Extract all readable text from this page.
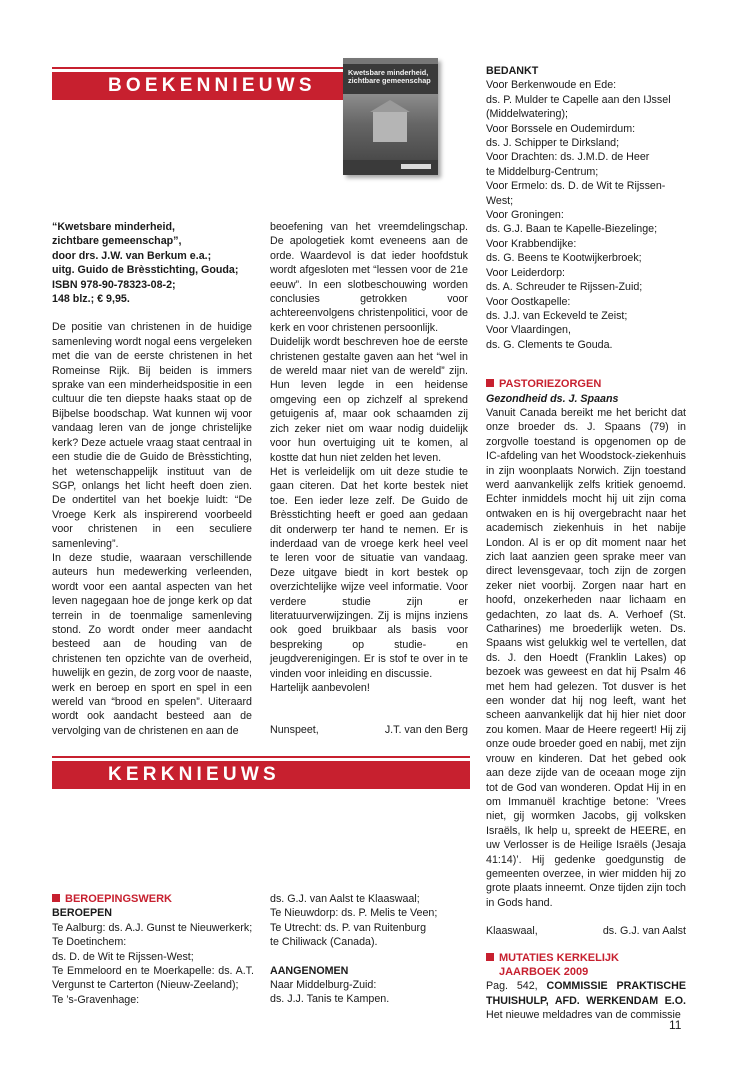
BOEKENNIEUWS
Kwetsbare minderheid,
zichtbare gemeenschap
“Kwetsbare minderheid,
zichtbare gemeenschap”,
door drs. J.W. van Berkum e.a.;
uitg. Guido de Brèsstichting, Gouda;
ISBN 978-90-78323-08-2;
148 blz.; € 9,95.

De positie van christenen in de huidige samenleving wordt nogal eens vergeleken met die van de eerste christenen in het Romeinse Rijk. Bij beiden is immers sprake van een minderheidspositie in een cultuur die ten diepste haaks staat op de Bijbelse boodschap. Wat kunnen wij voor vandaag leren van de jonge christelijke kerk? Deze actuele vraag staat centraal in een studie die de Guido de Brèsstichting, het wetenschappelijk instituut van de SGP, onlangs het licht heeft doen zien. De ondertitel van het boekje luidt: “De Vroege Kerk als inspirerend voorbeeld voor christenen in een seculiere samenleving”.

In deze studie, waaraan verschillende auteurs hun medewerking verleenden, wordt voor een aantal aspecten van het leven nagegaan hoe de jonge kerk op dat terrein in de toenmalige samenleving stond. Zo wordt onder meer aandacht besteed aan de houding van de christenen ten opzichte van de overheid, huwelijk en gezin, de zorg voor de naaste, werk en beroep en sport en spel in een wereld van “brood en spelen”. Uiteraard wordt ook aandacht besteed aan de vervolging van de christenen en aan de

beoefening van het vreemdelingschap. De apologetiek komt eveneens aan de orde. Waardevol is dat ieder hoofdstuk wordt afgesloten met “lessen voor de 21e eeuw”. In een slotbeschouwing worden conclusies getrokken voor achtereenvolgens christenpolitici, voor de kerk en voor christenen persoonlijk.

Duidelijk wordt beschreven hoe de eerste christenen gestalte gaven aan het “wel in de wereld maar niet van de wereld” zijn. Hun leven legde in een heidense omgeving een op zichzelf al sprekend getuigenis af, maar ook schaamden zij zich zeker niet om waar nodig duidelijk voor hun overtuiging uit te komen, al kostte dat hun niet zelden het leven.

Het is verleidelijk om uit deze studie te gaan citeren. Dat het korte bestek niet toe. Een ieder leze zelf. De Guido de Brèsstichting heeft er goed aan gedaan dit onderwerp ter hand te nemen. Er is inderdaad van de vroege kerk heel veel te leren voor de situatie van vandaag. Deze uitgave biedt in kort bestek op overzichtelijke wijze veel informatie. Voor verdere studie zijn er literatuurverwijzingen. Zij is mijns inziens ook goed bruikbaar als basis voor bespreking op studie- en jeugdverenigingen. Er is stof te over in te vinden voor inleiding en discussie.

Hartelijk aanbevolen!

Nunspeet,	J.T. van den Berg
KERKNIEUWS

BEROEPINGSWERK

BEROEPEN
Te Aalburg: ds. A.J. Gunst te Nieuwerkerk;
Te Doetinchem:
ds. D. de Wit te Rijssen-West;
Te Emmeloord en te Moerkapelle: ds. A.T. Vergunst te Carterton (Nieuw-Zeeland);
Te ’s-Gravenhage:
ds. G.J. van Aalst te Klaaswaal;
Te Nieuwdorp: ds. P. Melis te Veen;
Te Utrecht: ds. P. van Ruitenburg
te Chiliwack (Canada).
AANGENOMEN
Naar Middelburg-Zuid:
ds. J.J. Tanis te Kampen.
BEDANKT
Voor Berkenwoude en Ede:
ds. P. Mulder te Capelle aan den IJssel (Middelwatering);
Voor Borssele en Oudemirdum:
ds. J. Schipper te Dirksland;
Voor Drachten: ds. J.M.D. de Heer
te Middelburg-Centrum;
Voor Ermelo: ds. D. de Wit te Rijssen-West;
Voor Groningen:
ds. G.J. Baan te Kapelle-Biezelinge;
Voor Krabbendijke:
ds. G. Beens te Kootwijkerbroek;
Voor Leiderdorp:
ds. A. Schreuder te Rijssen-Zuid;
Voor Oostkapelle:
ds. J.J. van Eckeveld te Zeist;
Voor Vlaardingen,
ds. G. Clements te Gouda.

PASTORIEZORGEN

Gezondheid ds. J. Spaans

Vanuit Canada bereikt me het bericht dat onze broeder ds. J. Spaans (79) in zorgvolle toestand is opgenomen op de IC-afdeling van het Woodstock-ziekenhuis in zijn woonplaats Norwich. Zijn toestand werd aanvankelijk zelfs kritiek genoemd. Echter inmiddels mocht hij uit zijn coma ontwaken en is hij overgebracht naar het academisch ziekenhuis in het nabije London. Al is er op dit moment naar het zich laat aanzien geen sprake meer van direct levensgevaar, toch zijn de zorgen zeker niet voorbij. Zorgen naar hart en hoofd, onzekerheden naar lichaam en gedachten, zo laat ds. A. Verhoef (St. Catharines) me broederlijk weten. Ds. Spaans wist gelukkig wel te vertellen, dat ds. J. den Hoedt (Franklin Lakes) op bezoek was geweest en dat hij Psalm 46 met hem had gelezen. Tot dusver is het een wonder dat hij nog leeft, want het scheen aanvankelijk dat hij hier niet door zou komen. Maar de Heere regeert! Hij zij onze oude broeder goed en nabij, met zijn vrouw en kinderen. Dat het gebed ook aan deze zijde van de oceaan moge zijn tot de God van wonderen. Opdat Hij in en om Immanuël krachtige betone: ’Vrees niet, gij wormken Jacobs, gij volksken Israëls, Ik help u, spreekt de HEERE, en uw Verlosser is de Heilige Israëls (Jesaja 41:14)’. Hij gedenke goedgunstig de gemeenten overzee, in wier midden hij zo grote plaats inneemt. Onze tijden zijn toch in Gods hand.

Klaaswaal,	ds. G.J. van Aalst

MUTATIES KERKELIJK

JAARBOEK 2009

Pag. 542, COMMISSIE PRAKTISCHE THUISHULP, AFD. WERKENDAM E.O. Het nieuwe meldadres van de commissie

11
